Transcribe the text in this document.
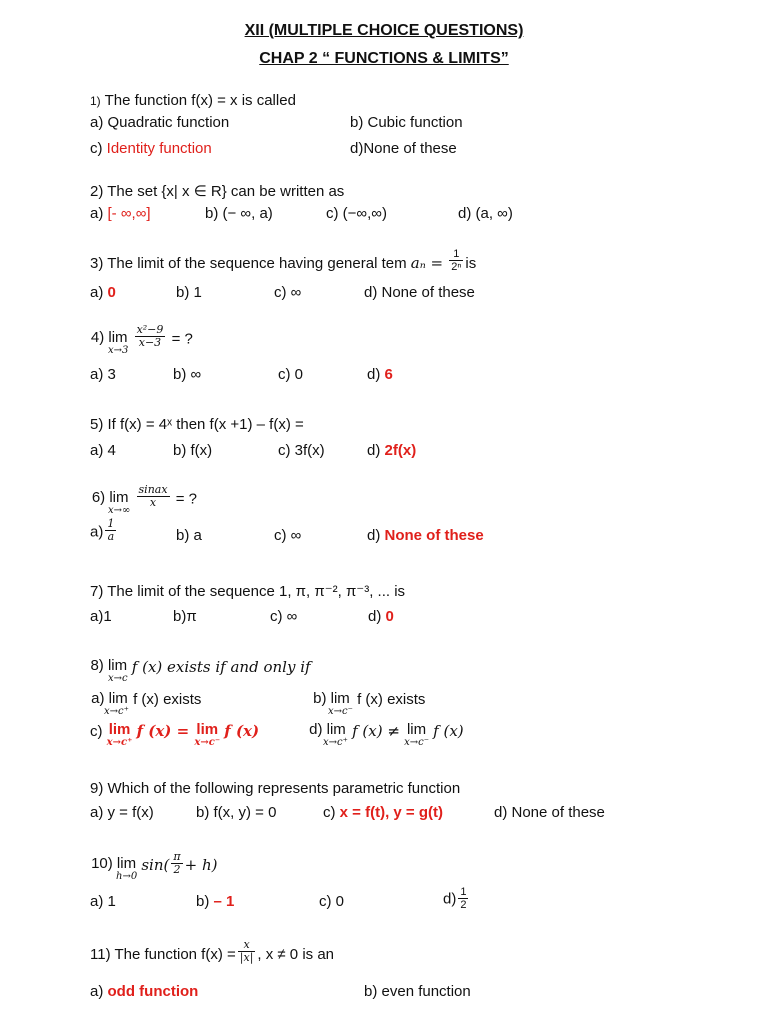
XII (MULTIPLE CHOICE QUESTIONS)
CHAP 2 “ FUNCTIONS & LIMITS”
1) The function f(x) = x is called
a) Quadratic function	b) Cubic function
c) Identity function	d)None of these
2) The set {x| x ∈ R} can be written as
a) [- ∞,∞]	b) (− ∞, a)	c) (−∞,∞)	d) (a, ∞)
3) The limit of the sequence having general tem $a_n = \frac{1}{\text{2ⁿ}}$ is
a) 0	b) 1	c) ∞	d) None of these
4) lim
x→3

$\frac{\text{x²−9}}{x-3}$ = ?
a) 3	b) ∞	c) 0	d) 6
5) If f(x) = 4ˣ then f(x +1) – f(x) =
a) 4	b) f(x)	c) 3f(x)	d) 2f(x)
6) lim
x→∞

$\frac{\text{sinax}}{x}$ = ?
$a) \frac{1}{a}$	b) a	c) ∞	d) None of these
7) The limit of the sequence 1, π, π⁻², π⁻³, ... is
a)1	b)π	c) ∞	d) 0
8) lim
x→c
f (x) exists if and only if
a) lim
x→c⁺
f (x) exists	b) lim
x→c⁻
f (x) exists
c) lim
x→c⁺
f (x) = lim
x→c⁻
f (x)	d) lim
x→c⁺
f (x) ≠ lim
x→c⁻
f (x)
9) Which of the following represents parametric function
a) y = f(x)	b) f(x, y) = 0	c) x = f(t), y = g(t)	d) None of these
10) lim
h→0
$\sin( \frac{\pi}{2} + h)$
a) 1	b) – 1	c) 0	$d) \frac{1}{2}$
11) The function $f(x) = \frac{x}{|x|}$ , x ≠ 0 is an
a) odd function	b) even function
